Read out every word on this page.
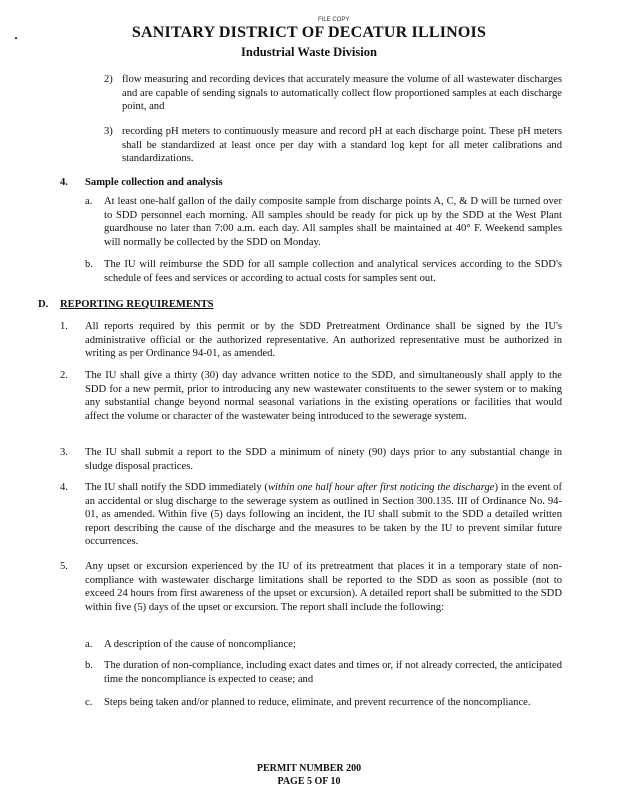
FILE COPY
SANITARY DISTRICT OF DECATUR ILLINOIS
Industrial Waste Division
2) flow measuring and recording devices that accurately measure the volume of all wastewater discharges and are capable of sending signals to automatically collect flow proportioned samples at each discharge point, and
3) recording pH meters to continuously measure and record pH at each discharge point. These pH meters shall be standardized at least once per day with a standard log kept for all meter calibrations and standardizations.
4. Sample collection and analysis
a. At least one-half gallon of the daily composite sample from discharge points A, C, & D will be turned over to SDD personnel each morning. All samples should be ready for pick up by the SDD at the West Plant guardhouse no later than 7:00 a.m. each day. All samples shall be maintained at 40° F. Weekend samples will normally be collected by the SDD on Monday.
b. The IU will reimburse the SDD for all sample collection and analytical services according to the SDD's schedule of fees and services or according to actual costs for samples sent out.
D. REPORTING REQUIREMENTS
1. All reports required by this permit or by the SDD Pretreatment Ordinance shall be signed by the IU's administrative official or the authorized representative. An authorized representative must be authorized in writing as per Ordinance 94-01, as amended.
2. The IU shall give a thirty (30) day advance written notice to the SDD, and simultaneously shall apply to the SDD for a new permit, prior to introducing any new wastewater constituents to the sewer system or to making any substantial change beyond normal seasonal variations in the existing operations or facilities that would affect the volume or character of the wastewater being introduced to the sewerage system.
3. The IU shall submit a report to the SDD a minimum of ninety (90) days prior to any substantial change in sludge disposal practices.
4. The IU shall notify the SDD immediately (within one half hour after first noticing the discharge) in the event of an accidental or slug discharge to the sewerage system as outlined in Section 300.135. III of Ordinance No. 94-01, as amended. Within five (5) days following an incident, the IU shall submit to the SDD a detailed written report describing the cause of the discharge and the measures to be taken by the IU to prevent similar future occurrences.
5. Any upset or excursion experienced by the IU of its pretreatment that places it in a temporary state of non-compliance with wastewater discharge limitations shall be reported to the SDD as soon as possible (not to exceed 24 hours from first awareness of the upset or excursion). A detailed report shall be submitted to the SDD within five (5) days of the upset or excursion. The report shall include the following:
a. A description of the cause of noncompliance;
b. The duration of non-compliance, including exact dates and times or, if not already corrected, the anticipated time the noncompliance is expected to cease; and
c. Steps being taken and/or planned to reduce, eliminate, and prevent recurrence of the noncompliance.
PERMIT NUMBER 200
PAGE 5 OF 10
